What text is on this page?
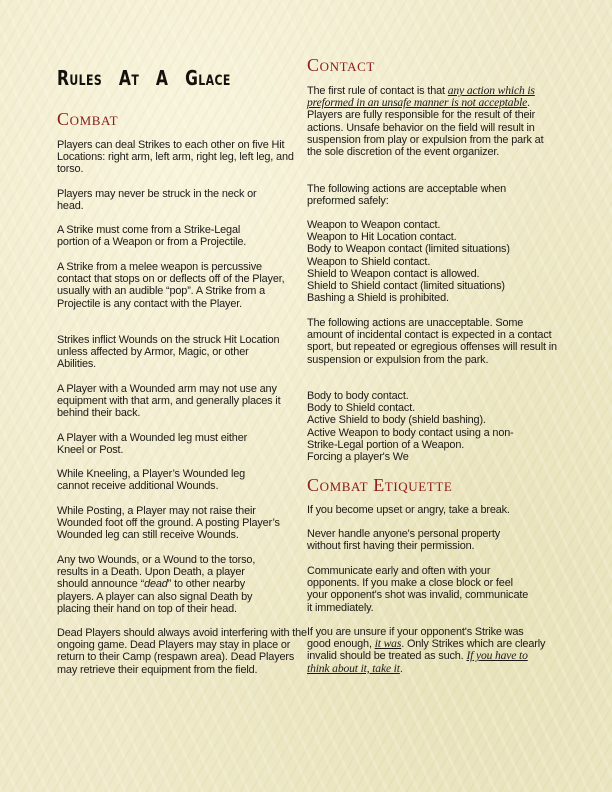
Rules At A Glace
Combat

Players can deal Strikes to each other on five Hit Locations: right arm, left arm, right leg, left leg, and torso.

Players may never be struck in the neck or head.

A Strike must come from a Strike-Legal portion of a Weapon or from a Projectile.

A Strike from a melee weapon is percussive contact that stops on or deflects off of the Player, usually with an audible “pop”. A Strike from a Projectile is any contact with the Player.

Strikes inflict Wounds on the struck Hit Location unless affected by Armor, Magic, or other Abilities.

A Player with a Wounded arm may not use any equipment with that arm, and generally places it behind their back.

A Player with a Wounded leg must either Kneel or Post.

While Kneeling, a Player’s Wounded leg cannot receive additional Wounds.

While Posting, a Player may not raise their Wounded foot off the ground. A posting Player’s Wounded leg can still receive Wounds.

Any two Wounds, or a Wound to the torso, results in a Death. Upon Death, a player should announce “dead” to other nearby players. A player can also signal Death by placing their hand on top of their head.

Dead Players should always avoid interfering with the ongoing game. Dead Players may stay in place or return to their Camp (respawn area). Dead Players may retrieve their equipment from the field.

Contact

The first rule of contact is that any action which is preformed in an unsafe manner is not acceptable. Players are fully responsible for the result of their actions. Unsafe behavior on the field will result in suspension from play or expulsion from the park at the sole discretion of the event organizer.

The following actions are acceptable when preformed safely:

Weapon to Weapon contact.
Weapon to Hit Location contact.
Body to Weapon contact (limited situations)
Weapon to Shield contact.
Shield to Weapon contact is allowed.
Shield to Shield contact (limited situations)
Bashing a Shield is prohibited.

The following actions are unacceptable. Some amount of incidental contact is expected in a contact sport, but repeated or egregious offenses will result in suspension or expulsion from the park.

Body to body contact.
Body to Shield contact.
Active Shield to body (shield bashing).
Active Weapon to body contact using a non-Strike-Legal portion of a Weapon.
Forcing a player's We
Combat Etiquette

If you become upset or angry, take a break.

Never handle anyone's personal property without first having their permission.

Communicate early and often with your opponents. If you make a close block or feel your opponent's shot was invalid, communicate it immediately.

If you are unsure if your opponent's Strike was good enough, it was. Only Strikes which are clearly invalid should be treated as such. If you have to think about it, take it.
